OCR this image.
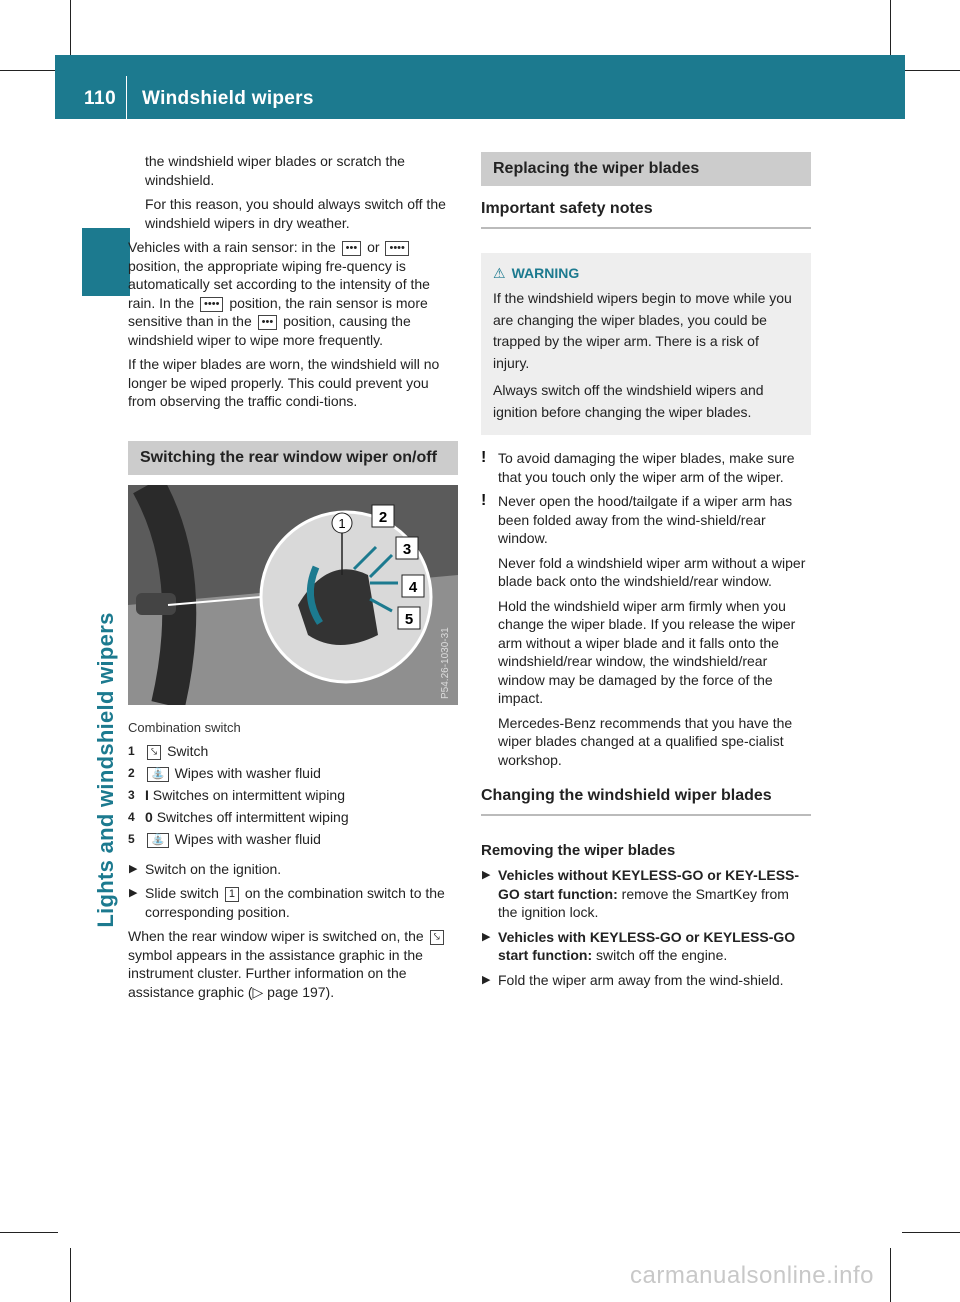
110 Windshield wipers
Lights and windshield wipers

the windshield wiper blades or scratch the windshield.

For this reason, you should always switch off the windshield wipers in dry weather.

Vehicles with a rain sensor: in the ••• or •••• position, the appropriate wiping fre-quency is automatically set according to the intensity of the rain. In the •••• position, the rain sensor is more sensitive than in the ••• position, causing the windshield wiper to wipe more frequently.

If the wiper blades are worn, the windshield will no longer be wiped properly. This could prevent you from observing the traffic condi-tions.

Switching the rear window wiper on/off
1 2
3
4
5
P54.26-1030-31

Combination switch

1 ⤥ Switch
2 ⛲ Wipes with washer fluid
3 I Switches on intermittent wiping
4 0 Switches off intermittent wiping
5 ⛲ Wipes with washer fluid
▶ Switch on the ignition.
▶ Slide switch 1 on the combination switch to the corresponding position.

When the rear window wiper is switched on, the ⤥ symbol appears in the assistance graphic in the instrument cluster. Further information on the assistance graphic (▷ page 197).

Replacing the wiper blades
Important safety notes

⚠ WARNING

If the windshield wipers begin to move while you are changing the wiper blades, you could be trapped by the wiper arm. There is a risk of injury.

Always switch off the windshield wipers and ignition before changing the wiper blades.

! To avoid damaging the wiper blades, make sure that you touch only the wiper arm of the wiper.
! Never open the hood/tailgate if a wiper arm has been folded away from the wind-shield/rear window.

Never fold a windshield wiper arm without a wiper blade back onto the windshield/rear window.

Hold the windshield wiper arm firmly when you change the wiper blade. If you release the wiper arm without a wiper blade and it falls onto the windshield/rear window, the windshield/rear window may be damaged by the force of the impact.

Mercedes-Benz recommends that you have the wiper blades changed at a qualified spe-cialist workshop.

Changing the windshield wiper blades
Removing the wiper blades
▶ Vehicles without KEYLESS-GO or KEY-LESS-GO start function: remove the SmartKey from the ignition lock.
▶ Vehicles with KEYLESS-GO or KEYLESS-GO start function: switch off the engine.
▶ Fold the wiper arm away from the wind-shield.
carmanualsonline.info
